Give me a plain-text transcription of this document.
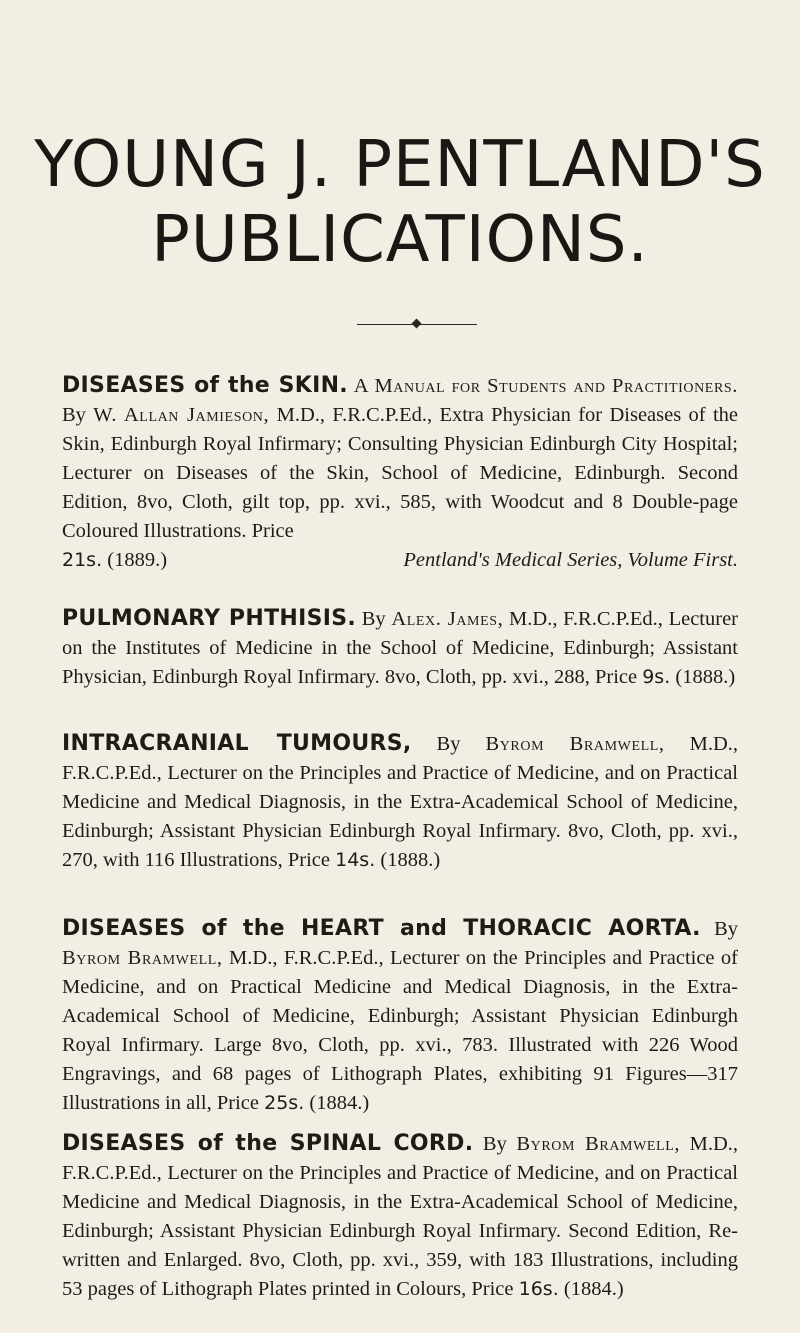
YOUNG J. PENTLAND'S
PUBLICATIONS.

DISEASES of the SKIN. A Manual for Students and Practitioners. By W. Allan Jamieson, M.D., F.R.C.P.Ed., Extra Physician for Diseases of the Skin, Edinburgh Royal Infirmary; Consulting Physician Edinburgh City Hospital; Lecturer on Diseases of the Skin, School of Medicine, Edinburgh. Second Edition, 8vo, Cloth, gilt top, pp. xvi., 585, with Woodcut and 8 Double-page Coloured Illustrations. Price
21s. (1889.)	Pentland's Medical Series, Volume First.

PULMONARY PHTHISIS. By Alex. James, M.D., F.R.C.P.Ed., Lecturer on the Institutes of Medicine in the School of Medicine, Edinburgh; Assistant Physician, Edinburgh Royal Infirmary. 8vo, Cloth, pp. xvi., 288, Price 9s. (1888.)

INTRACRANIAL TUMOURS, By Byrom Bramwell, M.D., F.R.C.P.Ed., Lecturer on the Principles and Practice of Medicine, and on Practical Medicine and Medical Diagnosis, in the Extra-Academical School of Medicine, Edinburgh; Assistant Physician Edinburgh Royal Infirmary. 8vo, Cloth, pp. xvi., 270, with 116 Illustrations, Price 14s. (1888.)

DISEASES of the HEART and THORACIC AORTA. By Byrom Bramwell, M.D., F.R.C.P.Ed., Lecturer on the Principles and Practice of Medicine, and on Practical Medicine and Medical Diagnosis, in the Extra-Academical School of Medicine, Edinburgh; Assistant Physician Edinburgh Royal Infirmary. Large 8vo, Cloth, pp. xvi., 783. Illustrated with 226 Wood Engravings, and 68 pages of Lithograph Plates, exhibiting 91 Figures—317 Illustrations in all, Price 25s. (1884.)

DISEASES of the SPINAL CORD. By Byrom Bramwell, M.D., F.R.C.P.Ed., Lecturer on the Principles and Practice of Medicine, and on Practical Medicine and Medical Diagnosis, in the Extra-Academical School of Medicine, Edinburgh; Assistant Physician Edinburgh Royal Infirmary. Second Edition, Re-written and Enlarged. 8vo, Cloth, pp. xvi., 359, with 183 Illustrations, including 53 pages of Lithograph Plates printed in Colours, Price 16s. (1884.)
